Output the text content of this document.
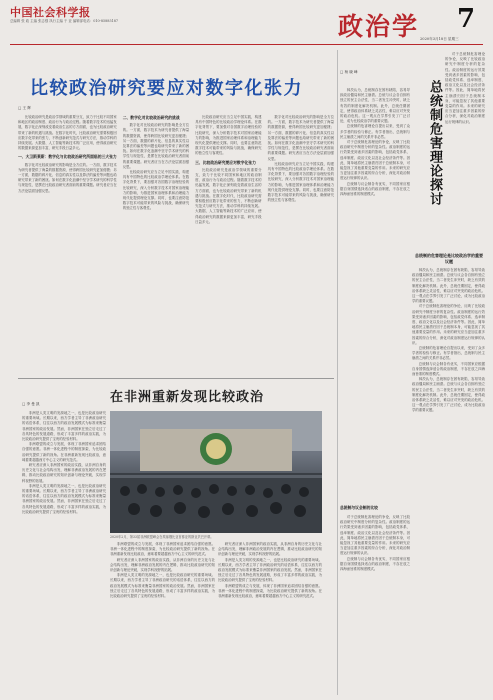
中国社会科学报
总编辑 张 政 主编 张志强 执行主编 于 亚 编辑部电话：010-85885187	政治学 7
2020年3月18日 星期三
比较政治研究要应对数字化张力
□ 王 辉

比较政治研究是政治学领域的重要分支，致力于比较不同国家和地区的政治制度、政治行为与政治过程。随着数字技术的迅猛发展，数字化正深刻改变着政治生活的方方面面，也为比较政治研究带来了新的机遇与挑战。在数字化时代，比较政治研究需要积极回应数字化带来的张力，不断创新研究范式与研究方法，推动学科的持续发展。大数据、人工智能等新技术的广泛应用，使得政治研究的数据来源更加丰富，研究手段日益多元。

一、大卫斯莱斯：数字化与比较政治研究所面临的三大张力

数字化对比较政治研究的影响是全方位的。一方面，数字技术为研究者提供了海量的数据资源，使得跨国比较研究更加便捷；另一方面，数据的碎片化、信息的真实性以及算法的偏差等问题也给研究带来了新的困扰。如何在数字化浪潮中坚守学术研究的科学性与规范性，是摆在比较政治研究者面前的重要课题。研究者应当在方法论层面加强反思。

二、数字化对比较政治研究的挑战

数字化对比较政治研究的影响是全方位的。一方面，数字技术为研究者提供了海量的数据资源，使得跨国比较研究更加便捷；另一方面，数据的碎片化、信息的真实性以及算法的偏差等问题也给研究带来了新的困扰。如何在数字化浪潮中坚守学术研究的科学性与规范性，是摆在比较政治研究者面前的重要课题。研究者应当在方法论层面加强反思。

比较政治研究应当立足中国实践，构建具有中国特色的比较政治学理论体系。在数字化背景下，要加强对各国数字治理经验的比较研究，深入分析数字技术对国家治理能力的影响，为推进国家治理体系和治理能力现代化提供理论支撑。同时，也要注意防范数字技术可能带来的风险与挑战，确保研究的独立性与客观性。

比较政治研究应当立足中国实践，构建具有中国特色的比较政治学理论体系。在数字化背景下，要加强对各国数字治理经验的比较研究，深入分析数字技术对国家治理能力的影响，为推进国家治理体系和治理能力现代化提供理论支撑。同时，也要注意防范数字技术可能带来的风险与挑战，确保研究的独立性与客观性。

三、比较政治研究要应对数字化张力

比较政治研究是政治学领域的重要分支，致力于比较不同国家和地区的政治制度、政治行为与政治过程。随着数字技术的迅猛发展，数字化正深刻改变着政治生活的方方面面，也为比较政治研究带来了新的机遇与挑战。在数字化时代，比较政治研究需要积极回应数字化带来的张力，不断创新研究范式与研究方法，推动学科的持续发展。大数据、人工智能等新技术的广泛应用，使得政治研究的数据来源更加丰富，研究手段日益多元。

数字化对比较政治研究的影响是全方位的。一方面，数字技术为研究者提供了海量的数据资源，使得跨国比较研究更加便捷；另一方面，数据的碎片化、信息的真实性以及算法的偏差等问题也给研究带来了新的困扰。如何在数字化浪潮中坚守学术研究的科学性与规范性，是摆在比较政治研究者面前的重要课题。研究者应当在方法论层面加强反思。

比较政治研究应当立足中国实践，构建具有中国特色的比较政治学理论体系。在数字化背景下，要加强对各国数字治理经验的比较研究，深入分析数字技术对国家治理能力的影响，为推进国家治理体系和治理能力现代化提供理论支撑。同时，也要注意防范数字技术可能带来的风险与挑战，确保研究的独立性与客观性。

在非洲重新发现比较政治
□ 李 曼 凯

非洲是人类文明的发源地之一，也是比较政治研究的重要场域。长期以来，西方学者主导了非洲政治研究的话语体系，往往以西方的政治发展模式为标准来衡量非洲国家的政治发展。然而，非洲国家在独立后走过了各具特色的发展道路，形成了丰富多样的政治实践，为比较政治研究提供了宝贵的经验材料。

非洲联盟的成立与发展，体现了非洲国家追求团结自强的意愿。非洲一体化进程中的制度探索，为比较政治研究提供了新的视角。在非洲重新发现比较政治，意味着要超越西方中心主义的研究范式。

研究者应深入非洲国家的政治实践，从非洲自身的历史文化与社会结构出发，理解非洲政治发展的内在逻辑，推动比较政治研究的知识创新与理论突破，实现学科视野的拓展。

非洲是人类文明的发源地之一，也是比较政治研究的重要场域。长期以来，西方学者主导了非洲政治研究的话语体系，往往以西方的政治发展模式为标准来衡量非洲国家的政治发展。然而，非洲国家在独立后走过了各具特色的发展道路，形成了丰富多样的政治实践，为比较政治研究提供了宝贵的经验材料。

2020年2月，第33届非洲联盟峰会在埃塞俄比亚首都亚的斯亚贝巴开幕。

非洲联盟的成立与发展，体现了非洲国家追求团结自强的意愿。非洲一体化进程中的制度探索，为比较政治研究提供了新的视角。在非洲重新发现比较政治，意味着要超越西方中心主义的研究范式。

研究者应深入非洲国家的政治实践，从非洲自身的历史文化与社会结构出发，理解非洲政治发展的内在逻辑，推动比较政治研究的知识创新与理论突破，实现学科视野的拓展。

非洲是人类文明的发源地之一，也是比较政治研究的重要场域。长期以来，西方学者主导了非洲政治研究的话语体系，往往以西方的政治发展模式为标准来衡量非洲国家的政治发展。然而，非洲国家在独立后走过了各具特色的发展道路，形成了丰富多样的政治实践，为比较政治研究提供了宝贵的经验材料。

研究者应深入非洲国家的政治实践，从非洲自身的历史文化与社会结构出发，理解非洲政治发展的内在逻辑，推动比较政治研究的知识创新与理论突破，实现学科视野的拓展。

非洲是人类文明的发源地之一，也是比较政治研究的重要场域。长期以来，西方学者主导了非洲政治研究的话语体系，往往以西方的政治发展模式为标准来衡量非洲国家的政治发展。然而，非洲国家在独立后走过了各具特色的发展道路，形成了丰富多样的政治实践，为比较政治研究提供了宝贵的经验材料。

非洲联盟的成立与发展，体现了非洲国家追求团结自强的意愿。非洲一体化进程中的制度探索，为比较政治研究提供了新的视角。在非洲重新发现比较政治，意味着要超越西方中心主义的研究范式。

□ 杨 晓 峰

林茨认为，总统制存在固有缺陷，容易导致政治僵局和民主崩溃。总统与议会各自拥有独立的民主合法性，当二者发生冲突时，缺乏有效的制度化解决机制。此外，总统任期固定，使得政治体系缺乏灵活性，难以应对突发的政治危机。这一观点在学界引发了广泛讨论，成为比较政治学的重要议题。

总统制的危害理论自提出以来，受到了众多学者的检验与修正。有学者指出，总统制与民主崩溃之间的关系并非必然。

对于总统制危害理论的争论，反映了比较政治研究中制度分析的复杂性。政治制度的运行效果受到诸多因素的影响，包括政党体系、选举制度、政治文化以及社会经济条件等。因此，简单地将民主崩溃归因于总统制本身，可能忽视了其他重要变量的作用。未来的研究应当更加注重多因素的综合分析，深化对政治制度运行规律的认识。

总统制与议会制各有优劣，不同国家应根据自身国情选择适合的政治制度，不存在放之四海而皆准的制度模式。	总统制危害理论探讨

对于总统制危害理论的争论，反映了比较政治研究中制度分析的复杂性。政治制度的运行效果受到诸多因素的影响，包括政党体系、选举制度、政治文化以及社会经济条件等。因此，简单地将民主崩溃归因于总统制本身，可能忽视了其他重要变量的作用。未来的研究应当更加注重多因素的综合分析，深化对政治制度运行规律的认识。

总统制的危害理论是比较政治学的重要议题

林茨认为，总统制存在固有缺陷，容易导致政治僵局和民主崩溃。总统与议会各自拥有独立的民主合法性，当二者发生冲突时，缺乏有效的制度化解决机制。此外，总统任期固定，使得政治体系缺乏灵活性，难以应对突发的政治危机。这一观点在学界引发了广泛讨论，成为比较政治学的重要议题。

对于总统制危害理论的争论，反映了比较政治研究中制度分析的复杂性。政治制度的运行效果受到诸多因素的影响，包括政党体系、选举制度、政治文化以及社会经济条件等。因此，简单地将民主崩溃归因于总统制本身，可能忽视了其他重要变量的作用。未来的研究应当更加注重多因素的综合分析，深化对政治制度运行规律的认识。

总统制的危害理论自提出以来，受到了众多学者的检验与修正。有学者指出，总统制与民主崩溃之间的关系并非必然。

总统制与议会制各有优劣，不同国家应根据自身国情选择适合的政治制度，不存在放之四海而皆准的制度模式。

林茨认为，总统制存在固有缺陷，容易导致政治僵局和民主崩溃。总统与议会各自拥有独立的民主合法性，当二者发生冲突时，缺乏有效的制度化解决机制。此外，总统任期固定，使得政治体系缺乏灵活性，难以应对突发的政治危机。这一观点在学界引发了广泛讨论，成为比较政治学的重要议题。

总统制与议会制的比较

对于总统制危害理论的争论，反映了比较政治研究中制度分析的复杂性。政治制度的运行效果受到诸多因素的影响，包括政党体系、选举制度、政治文化以及社会经济条件等。因此，简单地将民主崩溃归因于总统制本身，可能忽视了其他重要变量的作用。未来的研究应当更加注重多因素的综合分析，深化对政治制度运行规律的认识。

总统制与议会制各有优劣，不同国家应根据自身国情选择适合的政治制度，不存在放之四海而皆准的制度模式。
